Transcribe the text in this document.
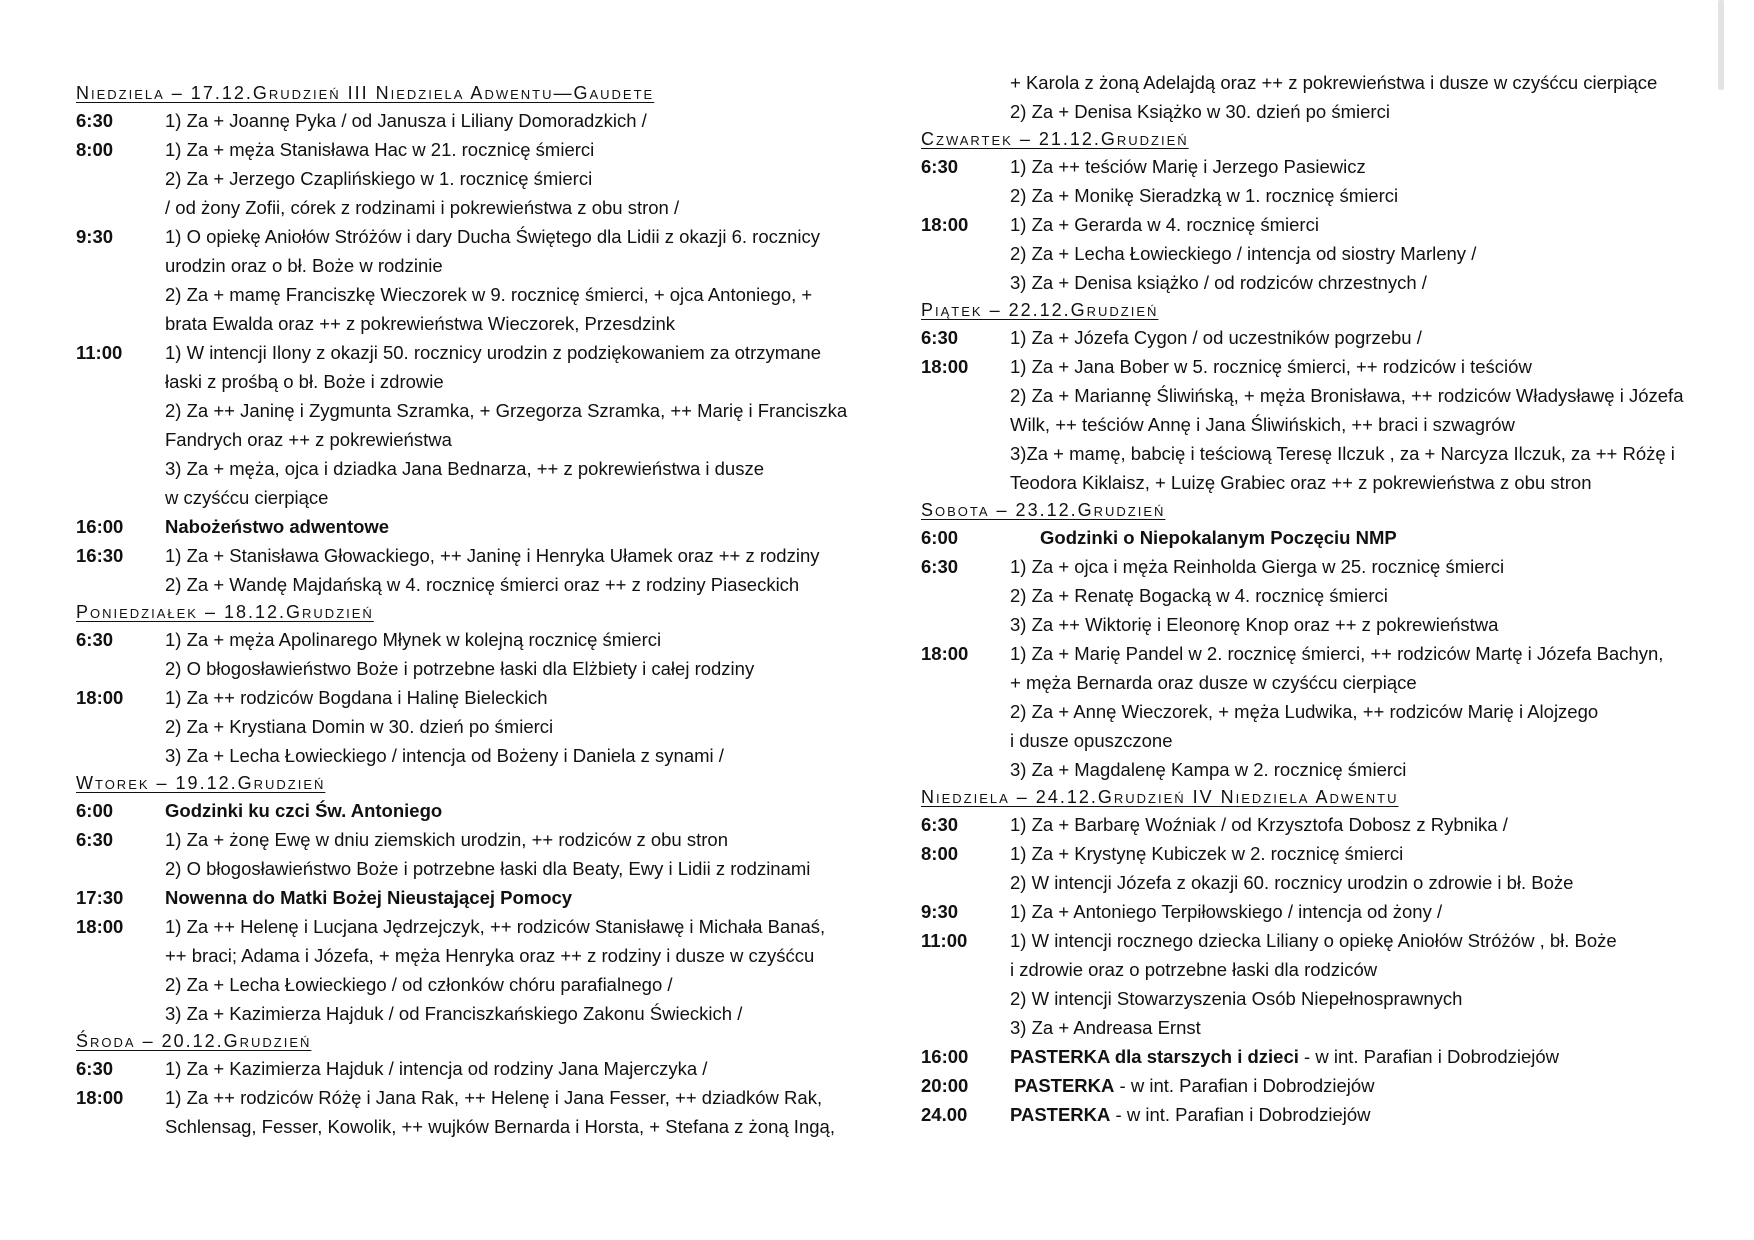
Niedziela – 17.12.Grudzień III Niedziela Adwentu—Gaudete
6:30	1) Za + Joannę Pyka / od Janusza i Liliany Domoradzkich /
8:00	1) Za + męża Stanisława Hac w 21. rocznicę śmierci
2) Za + Jerzego Czaplińskiego w 1. rocznicę śmierci
/ od żony Zofii, córek z rodzinami i pokrewieństwa z obu stron /
9:30	1) O opiekę Aniołów Stróżów i dary Ducha Świętego dla Lidii z okazji 6. rocznicy
urodzin oraz o bł. Boże w rodzinie
2) Za + mamę Franciszkę Wieczorek w 9. rocznicę śmierci, + ojca Antoniego, +
brata Ewalda oraz ++ z pokrewieństwa Wieczorek, Przesdzink
11:00	1) W intencji Ilony z okazji 50. rocznicy urodzin z podziękowaniem za otrzymane
łaski z prośbą o bł. Boże i zdrowie
2) Za ++ Janinę i Zygmunta Szramka, + Grzegorza Szramka, ++ Marię i Franciszka
Fandrych oraz ++ z pokrewieństwa
3) Za + męża, ojca i dziadka Jana Bednarza, ++ z pokrewieństwa i dusze
w czyśćcu cierpiące
16:00	Nabożeństwo adwentowe
16:30	1) Za + Stanisława Głowackiego, ++ Janinę i Henryka Ułamek oraz ++ z rodziny
2) Za + Wandę Majdańską w 4. rocznicę śmierci oraz ++ z rodziny Piaseckich
Poniedziałek – 18.12.Grudzień
6:30	1) Za + męża Apolinarego Młynek w kolejną rocznicę śmierci
2) O błogosławieństwo Boże i potrzebne łaski dla Elżbiety i całej rodziny
18:00	1) Za ++ rodziców Bogdana i Halinę Bieleckich
2) Za + Krystiana Domin w 30. dzień po śmierci
3) Za + Lecha Łowieckiego / intencja od Bożeny i Daniela z synami /
Wtorek – 19.12.Grudzień
6:00	Godzinki ku czci Św. Antoniego
6:30	1) Za + żonę Ewę w dniu ziemskich urodzin, ++ rodziców z obu stron
2) O błogosławieństwo Boże i potrzebne łaski dla Beaty, Ewy i Lidii z rodzinami
17:30	Nowenna do Matki Bożej Nieustającej Pomocy
18:00	1) Za ++ Helenę i Lucjana Jędrzejczyk, ++ rodziców Stanisławę i Michała Banaś,
++ braci; Adama i Józefa, + męża Henryka oraz ++ z rodziny i dusze w czyśćcu
2) Za + Lecha Łowieckiego / od członków chóru parafialnego /
3) Za + Kazimierza Hajduk / od Franciszkańskiego Zakonu Świeckich /
Środa – 20.12.Grudzień
6:30	1) Za + Kazimierza Hajduk / intencja od rodziny Jana Majerczyka /
18:00	1) Za ++ rodziców Różę i Jana Rak, ++ Helenę i Jana Fesser, ++ dziadków Rak,
Schlensag, Fesser, Kowolik, ++ wujków Bernarda i Horsta, + Stefana z żoną Ingą,
+ Karola z żoną Adelajdą oraz ++ z pokrewieństwa i dusze w czyśćcu cierpiące
2) Za + Denisa Książko w 30. dzień po śmierci
Czwartek – 21.12.Grudzień
6:30	1) Za ++ teściów Marię i Jerzego Pasiewicz
2) Za + Monikę Sieradzką w 1. rocznicę śmierci
18:00	1) Za + Gerarda w 4. rocznicę śmierci
2) Za + Lecha Łowieckiego / intencja od siostry Marleny /
3) Za + Denisa książko / od rodziców chrzestnych /
Piątek – 22.12.Grudzień
6:30	1) Za + Józefa Cygon / od uczestników pogrzebu /
18:00	1) Za + Jana Bober w 5. rocznicę śmierci, ++ rodziców i teściów
2) Za + Mariannę Śliwińską, + męża Bronisława, ++ rodziców Władysławę i Józefa
Wilk, ++ teściów Annę i Jana Śliwińskich, ++ braci i szwagrów
3)Za + mamę, babcię i teściową Teresę Ilczuk , za + Narcyza Ilczuk, za ++ Różę i
Teodora Kiklaisz, + Luizę Grabiec oraz ++ z pokrewieństwa z obu stron
Sobota – 23.12.Grudzień
6:00	Godzinki o Niepokalanym Poczęciu NMP
6:30	1) Za + ojca i męża Reinholda Gierga w 25. rocznicę śmierci
2) Za + Renatę Bogacką w 4. rocznicę śmierci
3) Za ++ Wiktorię i Eleonorę Knop oraz ++ z pokrewieństwa
18:00	1) Za + Marię Pandel w 2. rocznicę śmierci, ++ rodziców Martę i Józefa Bachyn,
+ męża Bernarda oraz dusze w czyśćcu cierpiące
2) Za + Annę Wieczorek, + męża Ludwika, ++ rodziców Marię i Alojzego
i dusze opuszczone
3) Za + Magdalenę Kampa w 2. rocznicę śmierci
Niedziela – 24.12.Grudzień IV Niedziela Adwentu
6:30	1) Za + Barbarę Woźniak / od Krzysztofa Dobosz z Rybnika /
8:00	1) Za + Krystynę Kubiczek w 2. rocznicę śmierci
2) W intencji Józefa z okazji 60. rocznicy urodzin o zdrowie i bł. Boże
9:30	1) Za + Antoniego Terpiłowskiego / intencja od żony /
11:00	1) W intencji rocznego dziecka Liliany o opiekę Aniołów Stróżów , bł. Boże
i zdrowie oraz o potrzebne łaski dla rodziców
2) W intencji Stowarzyszenia Osób Niepełnosprawnych
3) Za + Andreasa Ernst
16:00	PASTERKA dla starszych i dzieci - w int. Parafian i Dobrodziejów
20:00	PASTERKA - w int. Parafian i Dobrodziejów
24.00	PASTERKA - w int. Parafian i Dobrodziejów
